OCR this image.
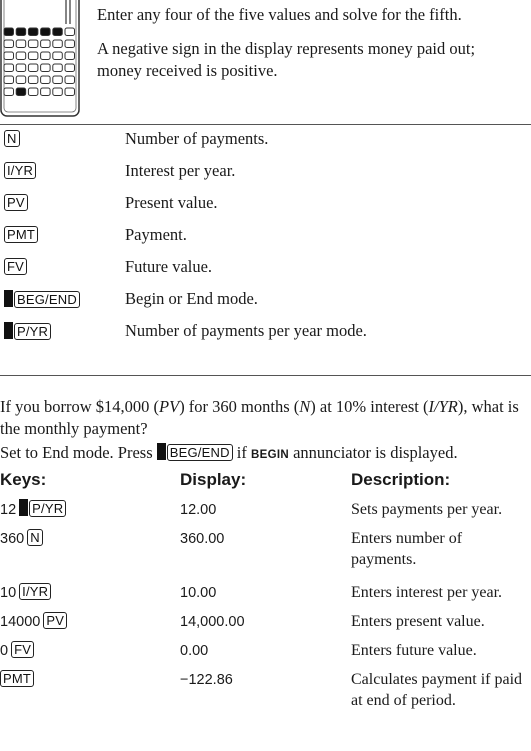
Enter any four of the five values and solve for the fifth.
A negative sign in the display represents money paid out; money received is positive.
N	Number of payments.
I/YR	Interest per year.
PV	Present value.
PMT	Payment.
FV	Future value.
BEG/END	Begin or End mode.
P/YR	Number of payments per year mode.
If you borrow $14,000 (PV) for 360 months (N) at 10% interest (I/YR), what is the monthly payment?
Set to End mode. Press BEG/END if BEGIN annunciator is displayed.
Keys:	Display:	Description:
12 P/YR	12.00	Sets payments per year.
360 N	360.00	Enters number of payments.
10 I/YR	10.00	Enters interest per year.
14000 PV	14,000.00	Enters present value.
0 FV	0.00	Enters future value.
PMT	−122.86	Calculates payment if paid at end of period.
